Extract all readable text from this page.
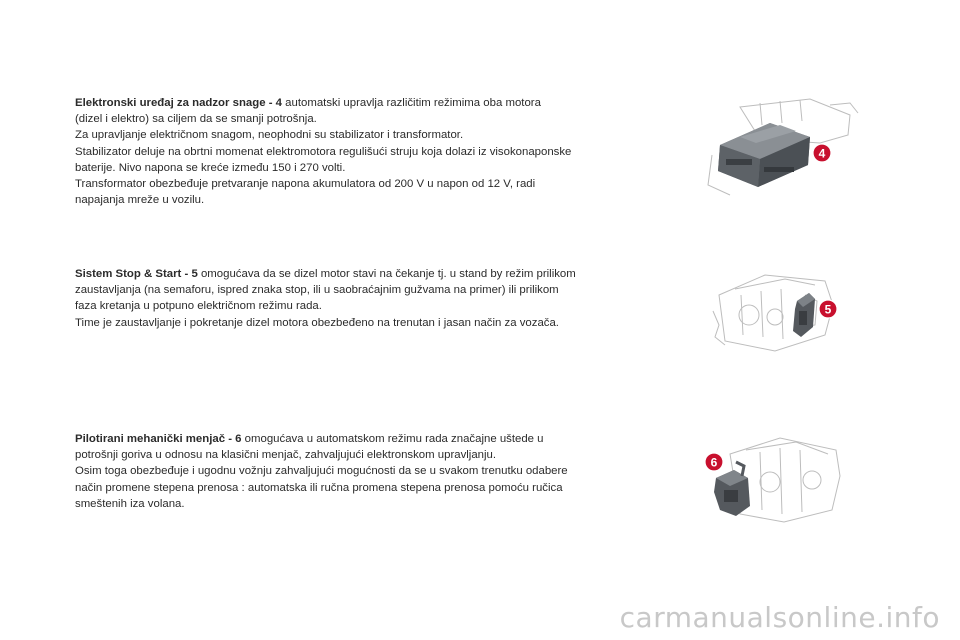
Elektronski uređaj za nadzor snage - 4 automatski upravlja različitim režimima oba motora

(dizel i elektro) sa ciljem da se smanji potrošnja.

Za upravljanje električnom snagom, neophodni su stabilizator i transformator.

Stabilizator deluje na obrtni momenat elektromotora regulišući struju koja dolazi iz visokonaponske

baterije. Nivo napona se kreće između 150 i 270 volti.

Transformator obezbeđuje pretvaranje napona akumulatora od 200 V u napon od 12 V, radi

napajanja mreže u vozilu.

Sistem Stop & Start - 5 omogućava da se dizel motor stavi na čekanje tj. u stand by režim prilikom

zaustavljanja (na semaforu, ispred znaka stop, ili u saobraćajnim gužvama na primer) ili prilikom

faza kretanja u potpuno električnom režimu rada.

Time je zaustavljanje i pokretanje dizel motora obezbeđeno na trenutan i jasan način za vozača.

Pilotirani mehanički menjač - 6 omogućava u automatskom režimu rada značajne uštede u

potrošnji goriva u odnosu na klasični menjač, zahvaljujući elektronskom upravljanju.

Osim toga obezbeđuje i ugodnu vožnju zahvaljujući mogućnosti da se u svakom trenutku odabere

način promene stepena prenosa : automatska ili ručna promena stepena prenosa pomoću ručica

smeštenih iza volana.

4
5
6
carmanualsonline.info
